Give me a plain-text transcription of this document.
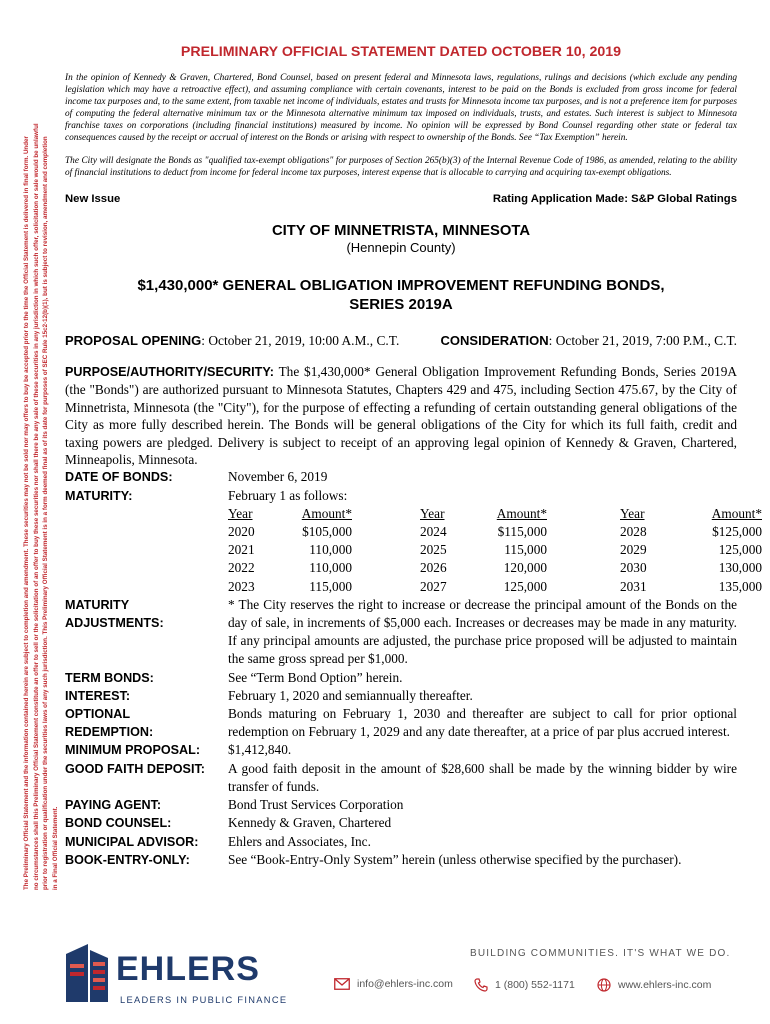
The Preliminary Official Statement and the information contained herein are subject to completion and amendment. These securities may not be sold nor may offers to buy be accepted prior to the time the Official Statement is delivered in final form. Under no circumstances shall this Preliminary Official Statement constitute an offer to sell or the solicitation of an offer to buy these securities nor shall there be any sale of these securities in any jurisdiction in which such offer, solicitation or sale would be unlawful prior to registration or qualification under the securities laws of any such jurisdiction. This Preliminary Official Statement is in a form deemed final as of its date for purposes of SEC Rule 15c2-12(b)(1), but is subject to revision, amendment and completion in a Final Official Statement.
PRELIMINARY OFFICIAL STATEMENT DATED OCTOBER 10, 2019

In the opinion of Kennedy & Graven, Chartered, Bond Counsel, based on present federal and Minnesota laws, regulations, rulings and decisions (which exclude any pending legislation which may have a retroactive effect), and assuming compliance with certain covenants, interest to be paid on the Bonds is excluded from gross income for federal income tax purposes and, to the same extent, from taxable net income of individuals, estates and trusts for Minnesota income tax purposes, and is not a preference item for purposes of computing the federal alternative minimum tax or the Minnesota alternative minimum tax imposed on individuals, trusts, and estates. Such interest is subject to Minnesota franchise taxes on corporations (including financial institutions) measured by income. No opinion will be expressed by Bond Counsel regarding other state or federal tax consequences caused by the receipt or accrual of interest on the Bonds or arising with respect to ownership of the Bonds. See “Tax Exemption” herein.

The City will designate the Bonds as "qualified tax-exempt obligations" for purposes of Section 265(b)(3) of the Internal Revenue Code of 1986, as amended, relating to the ability of financial institutions to deduct from income for federal income tax purposes, interest expense that is allocable to carrying and acquiring tax-exempt obligations.

New Issue	Rating Application Made: S&P Global Ratings
CITY OF MINNETRISTA, MINNESOTA
(Hennepin County)
$1,430,000* GENERAL OBLIGATION IMPROVEMENT REFUNDING BONDS,
SERIES 2019A
PROPOSAL OPENING: October 21, 2019, 10:00 A.M., C.T.	CONSIDERATION: October 21, 2019, 7:00 P.M., C.T.
PURPOSE/AUTHORITY/SECURITY: The $1,430,000* General Obligation Improvement Refunding Bonds, Series 2019A (the "Bonds") are authorized pursuant to Minnesota Statutes, Chapters 429 and 475, including Section 475.67, by the City of Minnetrista, Minnesota (the "City"), for the purpose of effecting a refunding of certain outstanding general obligations of the City as more fully described herein. The Bonds will be general obligations of the City for which its full faith, credit and taxing powers are pledged. Delivery is subject to receipt of an approving legal opinion of Kennedy & Graven, Chartered, Minneapolis, Minnesota.
DATE OF BONDS:	November 6, 2019
MATURITY:	February 1 as follows:
Year	Amount*	Year	Amount*	Year	Amount*
2020	$105,000	2024	$115,000	2028	$125,000
2021	110,000	2025	115,000	2029	125,000
2022	110,000	2026	120,000	2030	130,000
2023	115,000	2027	125,000	2031	135,000
MATURITY
ADJUSTMENTS:
* The City reserves the right to increase or decrease the principal amount of the Bonds on the day of sale, in increments of $5,000 each. Increases or decreases may be made in any maturity. If any principal amounts are adjusted, the purchase price proposed will be adjusted to maintain the same gross spread per $1,000.
TERM BONDS:	See “Term Bond Option” herein.
INTEREST:	February 1, 2020 and semiannually thereafter.
OPTIONAL
REDEMPTION:
Bonds maturing on February 1, 2030 and thereafter are subject to call for prior optional redemption on February 1, 2029 and any date thereafter, at a price of par plus accrued interest.
MINIMUM PROPOSAL:	$1,412,840.
GOOD FAITH DEPOSIT:	A good faith deposit in the amount of $28,600 shall be made by the winning bidder by wire transfer of funds.
PAYING AGENT:	Bond Trust Services Corporation
BOND COUNSEL:	Kennedy & Graven, Chartered
MUNICIPAL ADVISOR:	Ehlers and Associates, Inc.
BOOK-ENTRY-ONLY:	See “Book-Entry-Only System” herein (unless otherwise specified by the purchaser).
EHLERS
LEADERS IN PUBLIC FINANCE
BUILDING COMMUNITIES. IT'S WHAT WE DO.
info@ehlers-inc.com	1 (800) 552-1171	www.ehlers-inc.com
